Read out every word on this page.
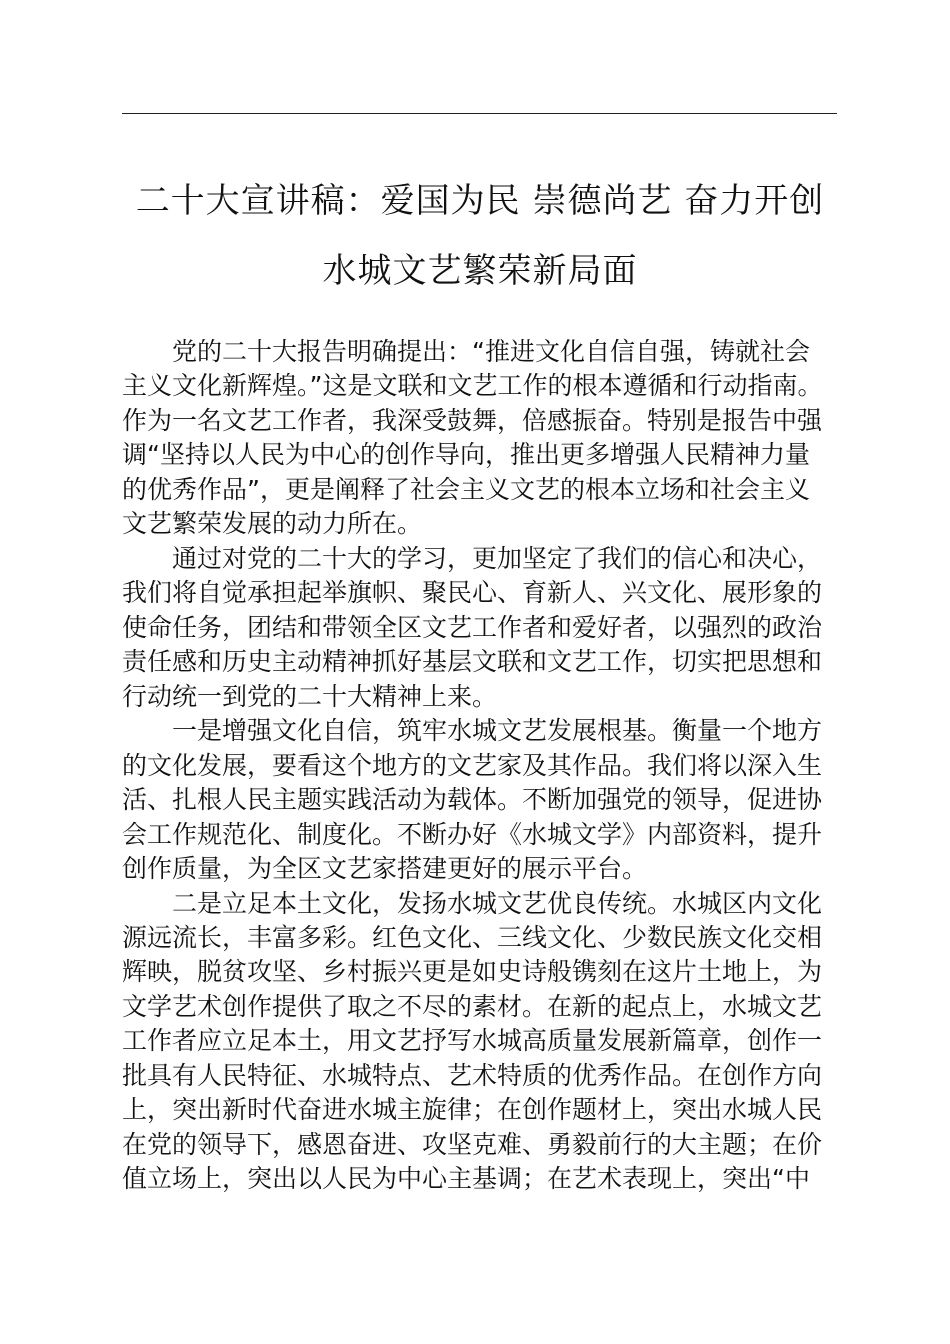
二十大宣讲稿：爱国为民 崇德尚艺 奋力开创
水城文艺繁荣新局面
党的二十大报告明确提出：“推进文化自信自强，铸就社会
主义文化新辉煌。”这是文联和文艺工作的根本遵循和行动指南。
作为一名文艺工作者，我深受鼓舞，倍感振奋。特别是报告中强
调“坚持以人民为中心的创作导向，推出更多增强人民精神力量
的优秀作品”，更是阐释了社会主义文艺的根本立场和社会主义
文艺繁荣发展的动力所在。
通过对党的二十大的学习，更加坚定了我们的信心和决心，
我们将自觉承担起举旗帜、聚民心、育新人、兴文化、展形象的
使命任务，团结和带领全区文艺工作者和爱好者，以强烈的政治
责任感和历史主动精神抓好基层文联和文艺工作，切实把思想和
行动统一到党的二十大精神上来。
一是增强文化自信，筑牢水城文艺发展根基。衡量一个地方
的文化发展，要看这个地方的文艺家及其作品。我们将以深入生
活、扎根人民主题实践活动为载体。不断加强党的领导，促进协
会工作规范化、制度化。不断办好《水城文学》内部资料，提升
创作质量，为全区文艺家搭建更好的展示平台。
二是立足本土文化，发扬水城文艺优良传统。水城区内文化
源远流长，丰富多彩。红色文化、三线文化、少数民族文化交相
辉映，脱贫攻坚、乡村振兴更是如史诗般镌刻在这片土地上，为
文学艺术创作提供了取之不尽的素材。在新的起点上，水城文艺
工作者应立足本土，用文艺抒写水城高质量发展新篇章，创作一
批具有人民特征、水城特点、艺术特质的优秀作品。在创作方向
上，突出新时代奋进水城主旋律；在创作题材上，突出水城人民
在党的领导下，感恩奋进、攻坚克难、勇毅前行的大主题；在价
值立场上，突出以人民为中心主基调；在艺术表现上，突出“中
